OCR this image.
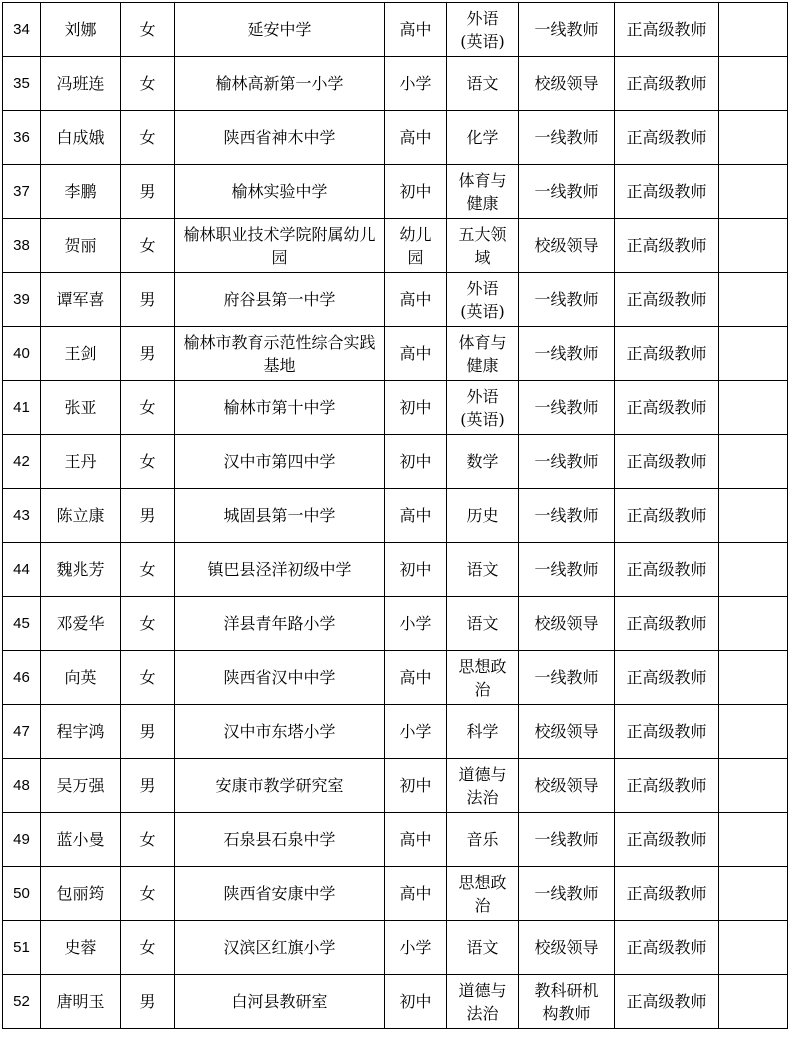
34	刘娜	女	延安中学	高中	外语(英语)	一线教师	正高级教师	
35	冯班连	女	榆林高新第一小学	小学	语文	校级领导	正高级教师	
36	白成娥	女	陕西省神木中学	高中	化学	一线教师	正高级教师	
37	李鹏	男	榆林实验中学	初中	体育与健康	一线教师	正高级教师	
38	贺丽	女	榆林职业技术学院附属幼儿园	幼儿园	五大领域	校级领导	正高级教师	
39	谭军喜	男	府谷县第一中学	高中	外语(英语)	一线教师	正高级教师	
40	王剑	男	榆林市教育示范性综合实践基地	高中	体育与健康	一线教师	正高级教师	
41	张亚	女	榆林市第十中学	初中	外语(英语)	一线教师	正高级教师	
42	王丹	女	汉中市第四中学	初中	数学	一线教师	正高级教师	
43	陈立康	男	城固县第一中学	高中	历史	一线教师	正高级教师	
44	魏兆芳	女	镇巴县泾洋初级中学	初中	语文	一线教师	正高级教师	
45	邓爱华	女	洋县青年路小学	小学	语文	校级领导	正高级教师	
46	向英	女	陕西省汉中中学	高中	思想政治	一线教师	正高级教师	
47	程宇鸿	男	汉中市东塔小学	小学	科学	校级领导	正高级教师	
48	吴万强	男	安康市教学研究室	初中	道德与法治	校级领导	正高级教师	
49	蓝小曼	女	石泉县石泉中学	高中	音乐	一线教师	正高级教师	
50	包丽筠	女	陕西省安康中学	高中	思想政治	一线教师	正高级教师	
51	史蓉	女	汉滨区红旗小学	小学	语文	校级领导	正高级教师	
52	唐明玉	男	白河县教研室	初中	道德与法治	教科研机构教师	正高级教师	
